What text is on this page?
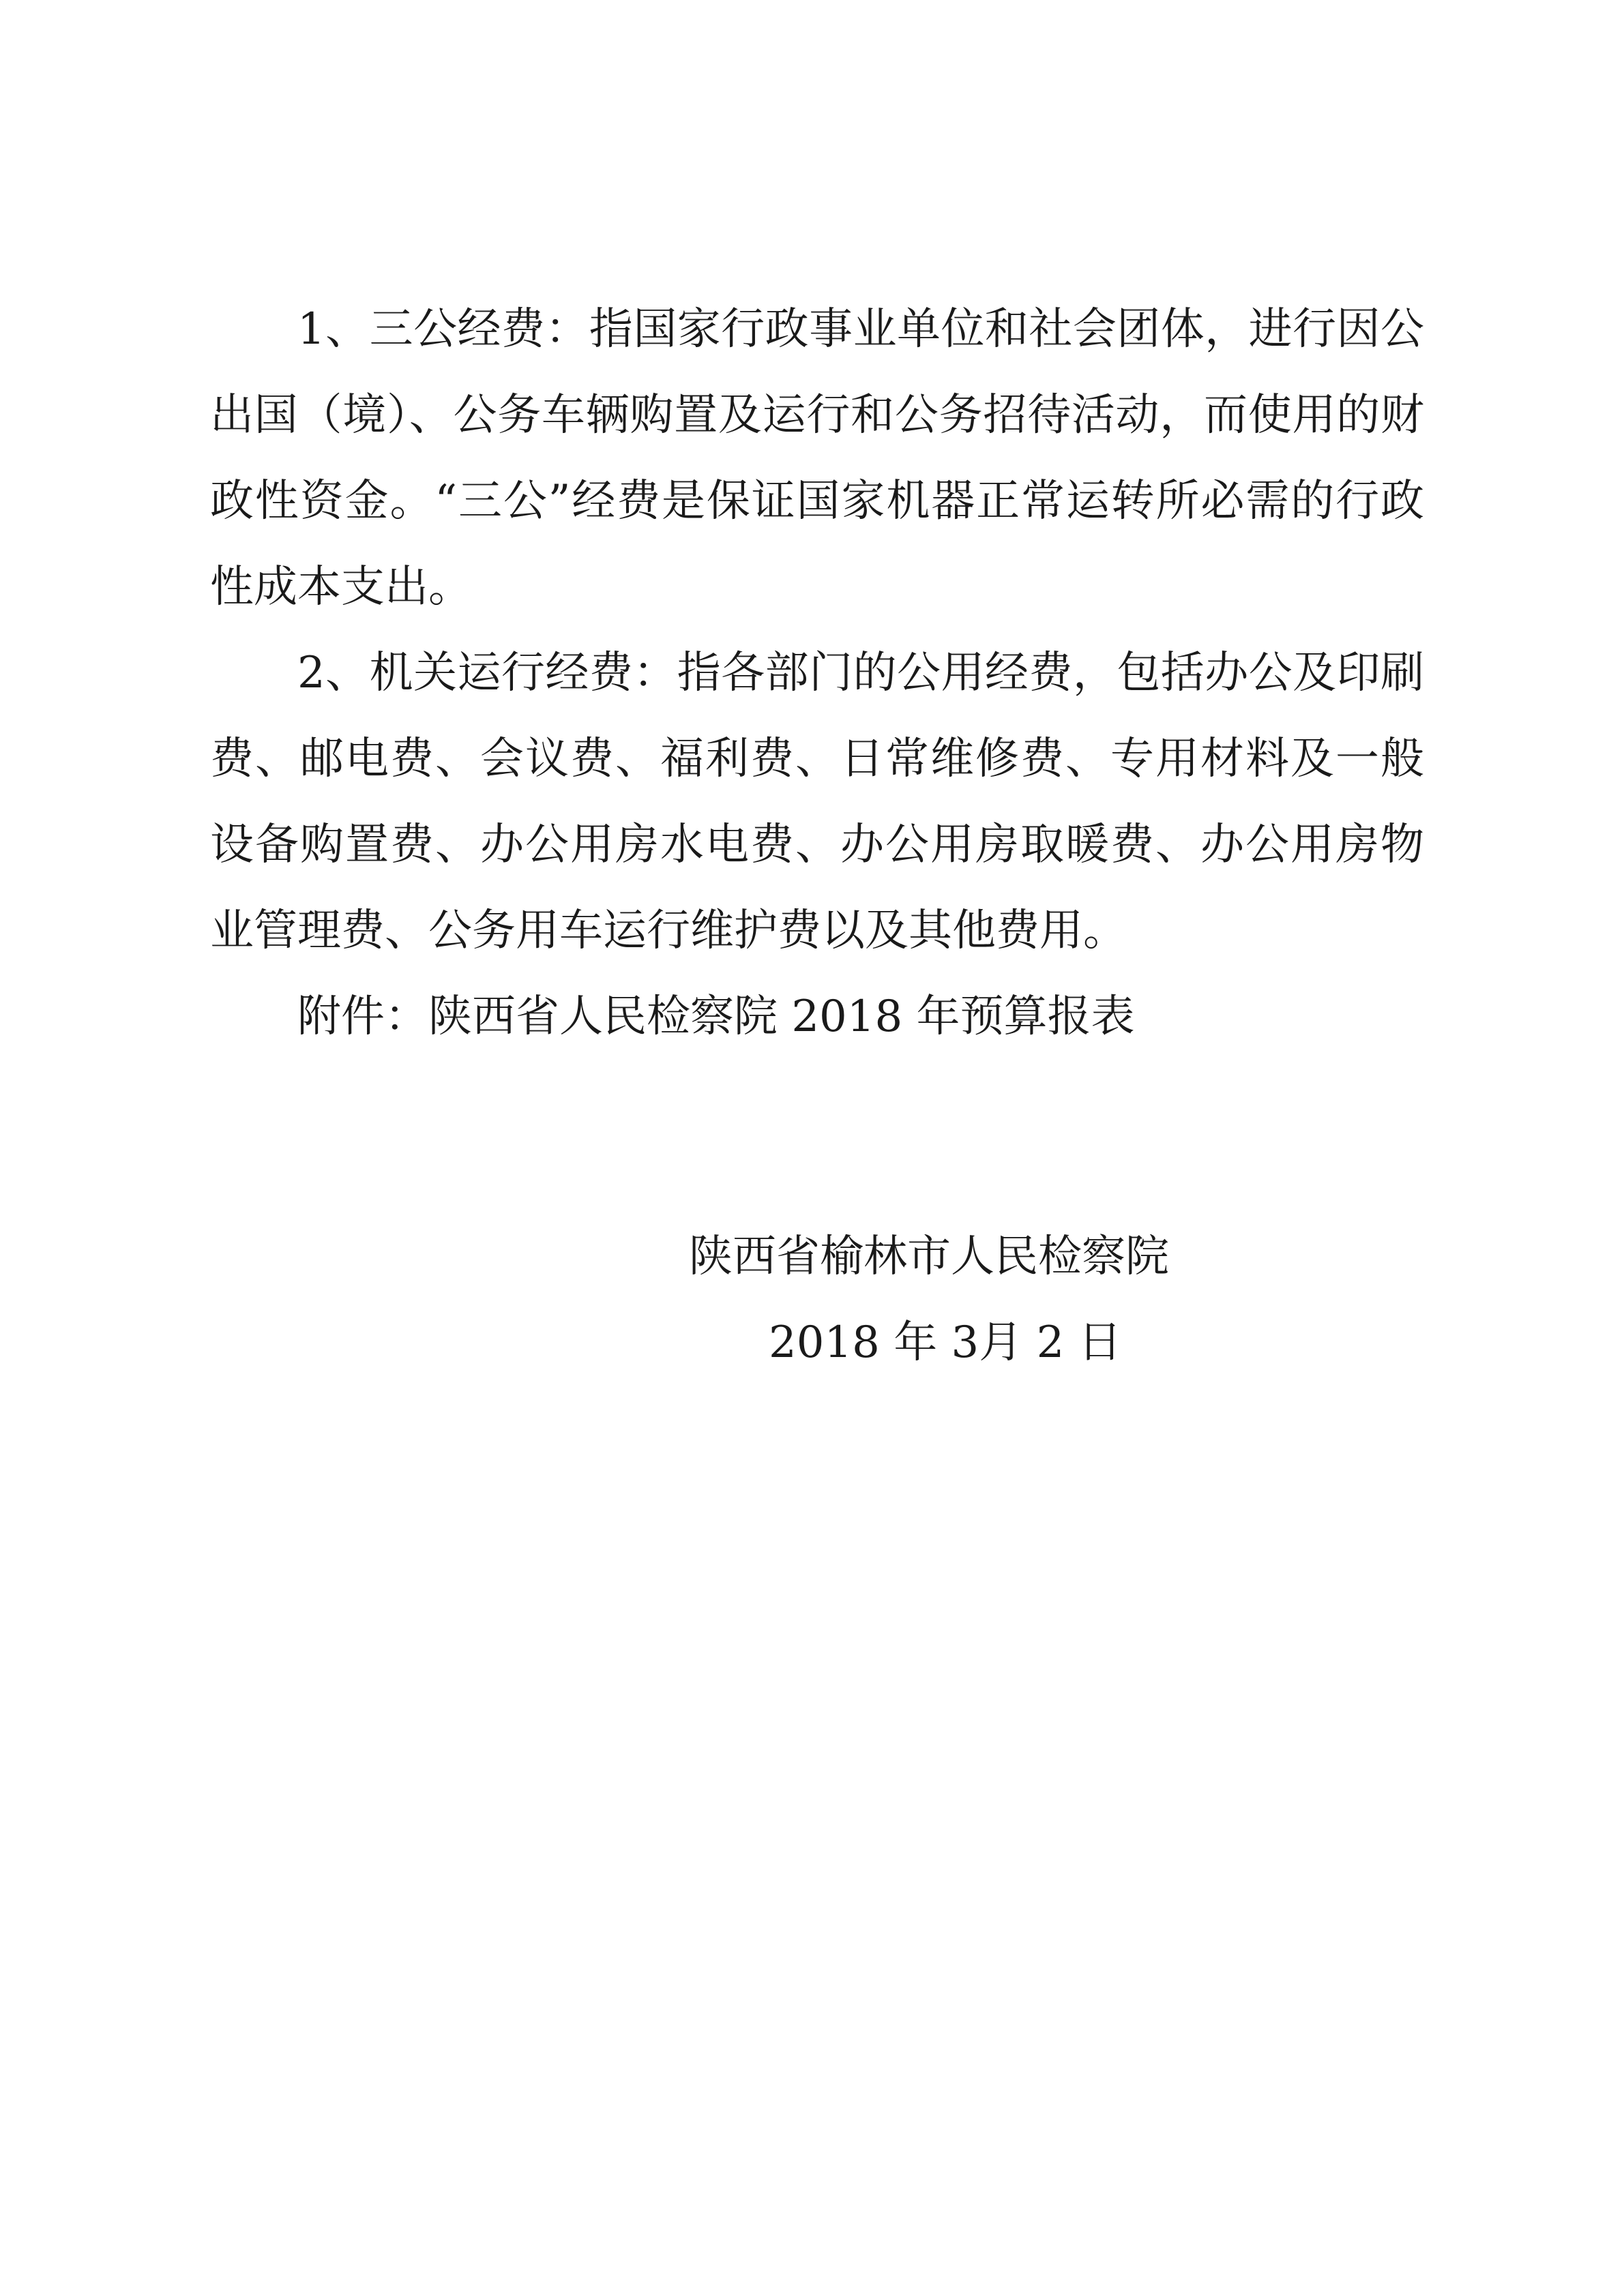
1、三公经费：指国家行政事业单位和社会团体，进行因公出国（境）、公务车辆购置及运行和公务招待活动，而使用的财政性资金。“三公”经费是保证国家机器正常运转所必需的行政性成本支出。

2、机关运行经费：指各部门的公用经费，包括办公及印刷费、邮电费、会议费、福利费、日常维修费、专用材料及一般设备购置费、办公用房水电费、办公用房取暖费、办公用房物业管理费、公务用车运行维护费以及其他费用。

附件：陕西省人民检察院 2018 年预算报表

陕西省榆林市人民检察院
2018 年 3月 2 日
